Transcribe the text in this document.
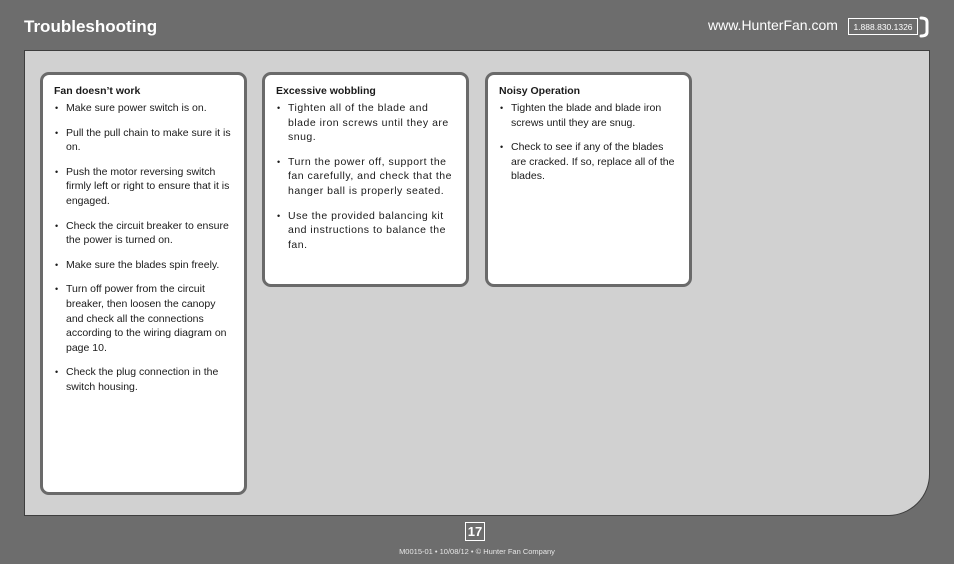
Troubleshooting	www.HunterFan.com	1.888.830.1326
Fan doesn’t work
• Make sure power switch is on.
• Pull the pull chain to make sure it is on.
• Push the motor reversing switch firmly left or right to ensure that it is engaged.
• Check the circuit breaker to ensure the power is turned on.
• Make sure the blades spin freely.
• Turn off power from the circuit breaker, then loosen the canopy and check all the connections according to the wiring diagram on page 10.
• Check the plug connection in the switch housing.
Excessive wobbling
• Tighten all of the blade and blade iron screws until they are snug.
• Turn the power off, support the fan carefully, and check that the hanger ball is properly seated.
• Use the provided balancing kit and instructions to balance the fan.
Noisy Operation
• Tighten the blade and blade iron screws until they are snug.
• Check to see if any of the blades are cracked. If so, replace all of the blades.
17
M0015-01 • 10/08/12 • © Hunter Fan Company
